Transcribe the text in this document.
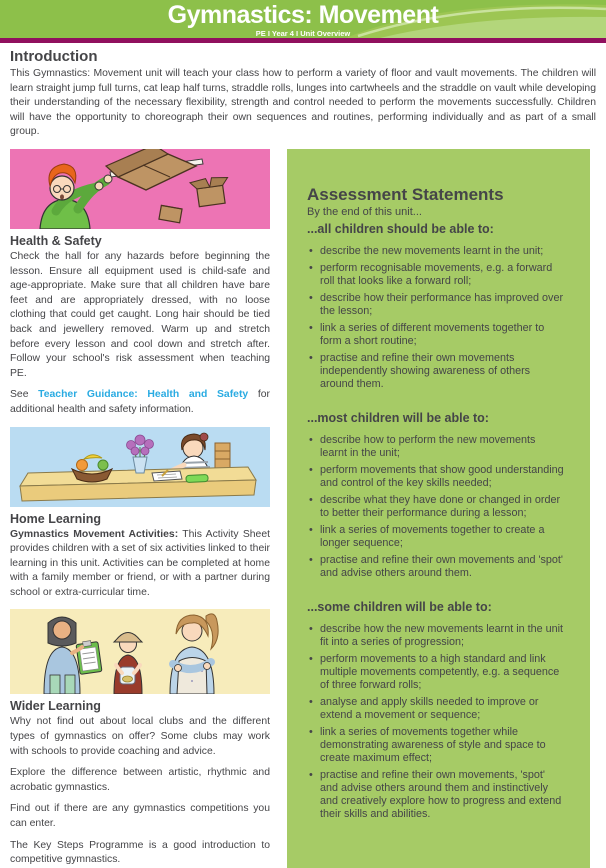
Gymnastics: Movement
PE I Year 4 I Unit Overview
Introduction

This Gymnastics: Movement unit will teach your class how to perform a variety of floor and vault movements. The children will learn straight jump full turns, cat leap half turns, straddle rolls, lunges into cartwheels and the straddle on vault while developing their understanding of the necessary flexibility, strength and control needed to perform the movements successfully. Children will have the opportunity to choreograph their own sequences and routines, performing individually and as part of a small group.

Health & Safety

Check the hall for any hazards before beginning the lesson. Ensure all equipment used is child-safe and age-appropriate. Make sure that all children have bare feet and are appropriately dressed, with no loose clothing that could get caught. Long hair should be tied back and jewellery removed. Warm up and stretch before every lesson and cool down and stretch after. Follow your school's risk assessment when teaching PE.

See Teacher Guidance: Health and Safety for additional health and safety information.

Home Learning

Gymnastics Movement Activities: This Activity Sheet provides children with a set of six activities linked to their learning in this unit. Activities can be completed at home with a family member or friend, or with a partner during school or extra-curricular time.

Wider Learning

Why not find out about local clubs and the different types of gymnastics on offer? Some clubs may work with schools to provide coaching and advice.

Explore the difference between artistic, rhythmic and acrobatic gymnastics.

Find out if there are any gymnastics competitions you can enter.

The Key Steps Programme is a good introduction to competitive gymnastics.

Assessment Statements

By the end of this unit...

...all children should be able to:
• describe the new movements learnt in the unit;
• perform recognisable movements, e.g. a forward roll that looks like a forward roll;
• describe how their performance has improved over the lesson;
• link a series of different movements together to form a short routine;
• practise and refine their own movements independently showing awareness of others around them.
...most children will be able to:
• describe how to perform the new movements learnt in the unit;
• perform movements that show good understanding and control of the key skills needed;
• describe what they have done or changed in order to better their performance during a lesson;
• link a series of movements together to create a longer sequence;
• practise and refine their own movements and 'spot' and advise others around them.
...some children will be able to:
• describe how the new movements learnt in the unit fit into a series of progression;
• perform movements to a high standard and link multiple movements competently, e.g. a sequence of three forward rolls;
• analyse and apply skills needed to improve or extend a movement or sequence;
• link a series of movements together while demonstrating awareness of style and space to create maximum effect;
• practise and refine their own movements, 'spot' and advise others around them and instinctively and creatively explore how to progress and extend their skills and abilities.
